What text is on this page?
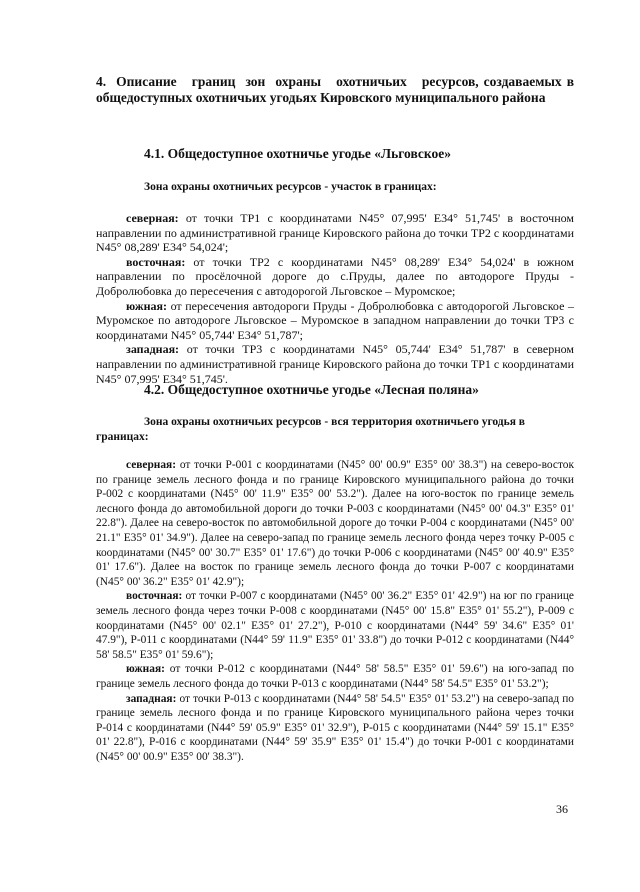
4.  Описание   границ  зон  охраны   охотничьих   ресурсов, создаваемых в общедоступных охотничьих угодьях Кировского муниципального района
4.1. Общедоступное охотничье угодье «Льговское»
Зона охраны охотничьих ресурсов - участок в границах:

северная: от точки ТР1 с координатами N45° 07,995' E34° 51,745' в восточном направлении по административной границе Кировского района до точки ТР2 с координатами N45° 08,289' E34° 54,024';

восточная: от точки ТР2 с координатами N45° 08,289' E34° 54,024' в южном направлении по просёлочной дороге до с.Пруды, далее по автодороге Пруды - Добролюбовка до пересечения с автодорогой Льговское – Муромское;

южная: от пересечения автодороги Пруды - Добролюбовка с автодорогой Льговское – Муромское по автодороге Льговское – Муромское в западном направлении до точки ТР3 с координатами N45° 05,744' E34° 51,787';

западная: от точки ТР3 с координатами N45° 05,744' E34° 51,787' в северном направлении по административной границе Кировского района до точки ТР1 с координатами N45° 07,995' E34° 51,745'.

4.2. Общедоступное охотничье угодье «Лесная поляна»
Зона охраны охотничьих ресурсов - вся территория охотничьего угодья в границах:

северная: от точки Р-001 с координатами (N45° 00' 00.9" E35° 00' 38.3") на северо-восток по границе земель лесного фонда и по границе Кировского муниципального района до точки Р-002 с координатами (N45° 00' 11.9" E35° 00' 53.2"). Далее на юго-восток по границе земель лесного фонда до автомобильной дороги до точки Р-003 с координатами (N45° 00' 04.3" E35° 01' 22.8"). Далее на северо-восток по автомобильной дороге до точки Р-004 с координатами (N45° 00' 21.1" E35° 01' 34.9"). Далее на северо-запад по границе земель лесного фонда через точку Р-005 с координатами (N45° 00' 30.7" E35° 01' 17.6") до точки Р-006 с координатами (N45° 00' 40.9" E35° 01' 17.6"). Далее на восток по границе земель лесного фонда до точки Р-007 с координатами (N45° 00' 36.2" E35° 01' 42.9");

восточная: от точки Р-007 с координатами (N45° 00' 36.2" E35° 01' 42.9") на юг по границе земель лесного фонда через точки Р-008 с координатами (N45° 00' 15.8" E35° 01' 55.2"), Р-009 с координатами (N45° 00' 02.1" E35° 01' 27.2"), Р-010 с координатами (N44° 59' 34.6" E35° 01' 47.9"), Р-011 с координатами (N44° 59' 11.9" E35° 01' 33.8") до точки Р-012 с координатами (N44° 58' 58.5" E35° 01' 59.6");

южная: от точки Р-012 с координатами (N44° 58' 58.5" E35° 01' 59.6") на юго-запад по границе земель лесного фонда до точки Р-013 с координатами (N44° 58' 54.5" E35° 01' 53.2");

западная: от точки Р-013 с координатами (N44° 58' 54.5" E35° 01' 53.2") на северо-запад по границе земель лесного фонда и по границе Кировского муниципального района через точки Р-014 с координатами (N44° 59' 05.9" E35° 01' 32.9"), Р-015 с координатами (N44° 59' 15.1" E35° 01' 22.8"), Р-016 с координатами (N44° 59' 35.9" E35° 01' 15.4") до точки Р-001 с координатами (N45° 00' 00.9" E35° 00' 38.3").

36
